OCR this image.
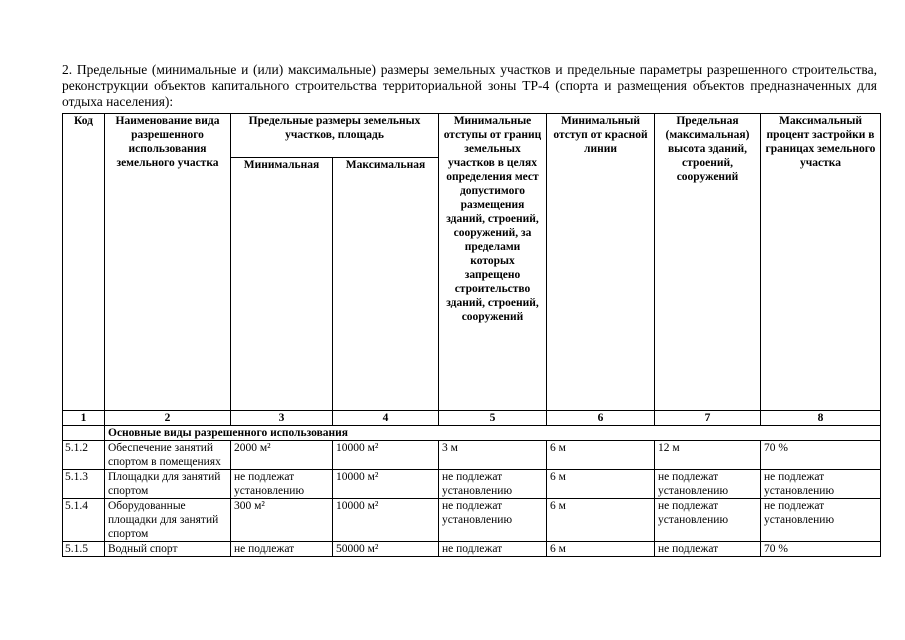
2. Предельные (минимальные и (или) максимальные) размеры земельных участков и предельные параметры разрешенного строительства, реконструкции объектов капитального строительства территориальной зоны ТР-4 (спорта и размещения объектов предназначенных для отдыха населения):

Код	Наименование вида разрешенного использования земельного участка	Предельные размеры земельных участков, площадь		Минимальные отступы от границ земельных участков в целях определения мест допустимого размещения зданий, строений, сооружений, за пределами которых запрещено строительство зданий, строений, сооружений	Минимальный отступ от красной линии	Предельная (максимальная) высота зданий, строений, сооружений	Максимальный процент застройки в границах земельного участка
		Минимальная	Максимальная				
1	2	3	4	5	6	7	8
	Основные виды разрешенного использования						
5.1.2	Обеспечение занятий спортом в помещениях	2000 м²	10000 м²	3 м	6 м	12 м	70 %
5.1.3	Площадки для занятий спортом	не подлежат установлению	10000 м²	не подлежат установлению	6 м	не подлежат установлению	не подлежат установлению
5.1.4	Оборудованные площадки для занятий спортом	300 м²	10000 м²	не подлежат установлению	6 м	не подлежат установлению	не подлежат установлению
5.1.5	Водный спорт	не подлежат	50000 м²	не подлежат	6 м	не подлежат	70 %
